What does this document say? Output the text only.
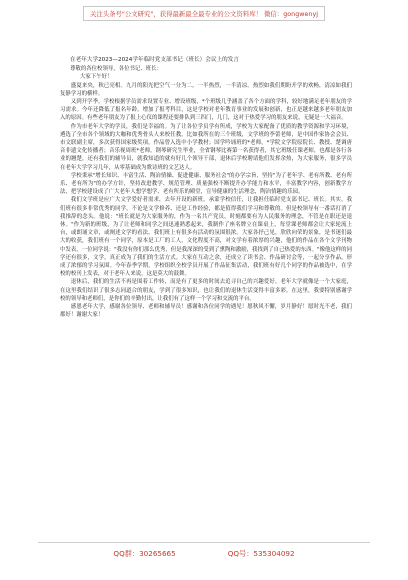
关注头条号"公文研究"，获得最新最全最专业的公文资料库！ 微信：gongwenyj
在老年大学2023—2024学年临时党支部书记（班长）会议上的发言
尊敬的各位校领导，各位书记、班长：
大家下午好！

盛夏来央，秋已亮相。九月的阳光把空气一分为二，一半热烈，一半清凉。热烈如我们期盼开学的欢畅，清凉如我们复静学习的横样。

又到开学季。学校根据学员需求设置专业、增设班级，*个班级几乎涵盖了各个方面的学科，较好地满足老年朋友的学习需求。今年还降低了报名年龄，增加了报考科目，这是学校对老年教育事业的发展和创新，也正是越来越多老年朋友加入的原因。有些老年朋友为了报上心仪的课程还要排队到三四门，几门，这对于热爱学习的朋友来说，无疑是一大福音。

作为市老年大学的学员，我们是幸福的。为了让各位学员学有所成，学校为大家配备了优质的教学资源和学习环境，遴选了全市各个领域的大咖和优秀骨头人来校任教。比如我所在的三个班级，文学班的李蕾老师，是中国作家协会会员、市文联副主席，多次获得国家级奖项，作品曾入选中小学教材；国学吟诵班的*老师，*学院文学院原院长、教授、楚调唐音非遗文化传播者；音乐视周班*老师，钢琴研究生毕业，全省钢琴比赛第一名获得者，其它班级任课老师，也都是各行各业的翘楚，还有我们的辅导员，就我知道的就有好几个领导干部，退休后学校聘请他们发挥余热，为大家服务，很多学员在老年大学学习几年，从零基础成为歌诗班的文艺达人。

学校秉承"增长知识、丰富生活、陶冶情操、促进健康、服务社会"的办学宗旨，坚持"为了老年学、老有所教、老有所乐、老有所为"的办学方针，坚持改进教学、规范管理、质量强校不断提升办学能力和水平，丰富教学内容，创新教学方法，把学校建设成了广大老年人想学想学、老有所乐的殿堂，宣导健康的生活理念，陶冶情趣的乐园。

我们文学班是应广大文学爱好者需求，去年开设的新班，承蒙学校信任，让我担任临时党支部书记、班长。其实，我们班有很多非常优秀的同学，不论是文学修养、还是工作经验，都是值得我们学习和尊敬的。但是校领导有一番话打消了我推辞的念头。他说："班长就是为大家服务的，作为一名共产党员，时刻都要有为人民服务的理念，不管是在职还是退休。"作为新的班级，为了让老师和同学之间迅速熟悉起来，我制作了座名牌立在课桌上，每堂课老师都会让大家轮流上台，或朗诵文章，或阐述文学的看法，我们班上有很多有活动的氛围很浓。大家各抒己见，欣欣向荣的景象，是书迷们最大的收获，我们班有一个同学，原本是工厂的工人，文化程度不高，对文学有着浓厚的兴趣，他们的作品在各个文学刊物中发表，一位同学说："我没有你们那么优秀，但是我深深的受到了熏陶和激励，我找到了自己热爱的东西。"像他这样的同学还有很多，文学，真正成为了我们的生活方式。大家在互动之余，还成立了读书会、作品研讨会等，一起分享作品，形成了浓郁的学习氛围。今年春季学期，学校组织全校学员开展了作品征集活动，我们班有好几个同学的作品被选中，在学校的校刊上发表，对于老年人来说，这是莫大的鼓舞。

退休后，我们的生活不再是围着工作转，而是有了更多的时间去追寻自己的兴趣爱好。老年大学就像是一个大家庭，在这里我们结识了很多志同道合的朋友，学到了很多知识，也让我们的退休生活变得丰富多彩。在这里，我要特别感谢学校的领导和老师们，是你们的辛勤付出，让我们有了这样一个学习和交流的平台。

感恩老年大学，感谢各位领导、老师和辅导员！感谢和各位同学的遇见！愿秋风不懈，岁月静好！愿时光不老，我们都好！谢谢大家！

QQ群：30265665	QQ号：535304092
